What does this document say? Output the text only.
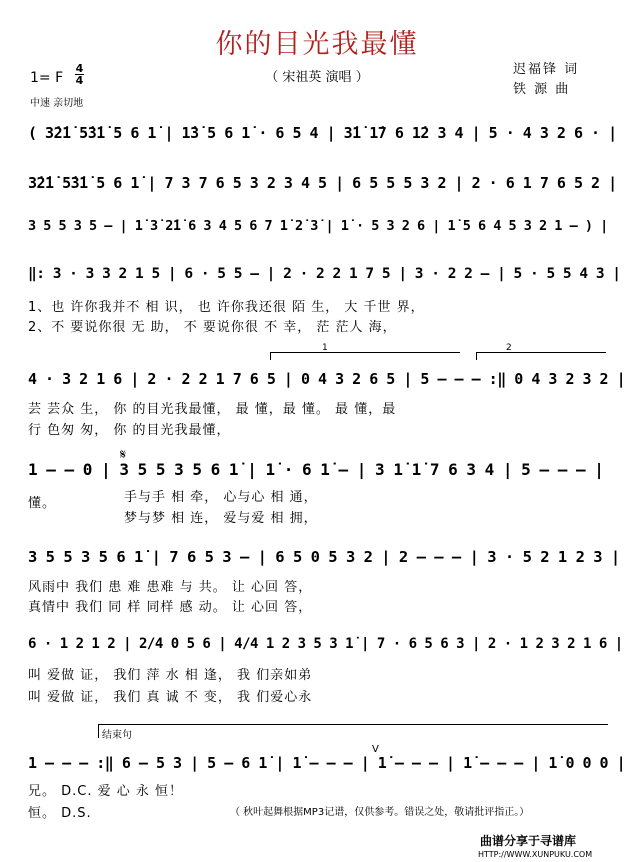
你的目光我最懂
（ 宋祖英 演唱 ）
迟福锋 词
铁 源 曲
1= F
4
4
中速 亲切地
( 3̇2̇1̇ 5̇3̇1̇ 5 6 1̇ | 1̇3̇ 5 6 1̇ · 6 5 4 | 3̇1̇ 1̇7 6 1̇2 3 4 | 5 · 4 3 2 6 · |
3̇2̇1̇ 5̇3̇1̇ 5 6 1̇ | 7 3 7 6 5 3 2 3 4 5 | 6 5 5 5 3 2 | 2 · 6 1 7 6 5 2 |
3 5 5 3 5 – | 1̇ 3̇ 2̇1̇ 6 3 4 5 6 7 1̇ 2̇ 3̇ | 1̇ · 5 3 2 6 | 1̇ 5 6 4 5 3 2 1 – ) |
‖: 3 · 3 3 2 1 5 | 6 · 5 5 – | 2 · 2 2 1 7 5 | 3 · 2 2 – | 5 · 5 5 4 3 |
1、也 许你我并不 相 识， 也 许你我还很 陌 生， 大 千世 界，
2、不 要说你很 无 助， 不 要说你很 不 幸， 茫 茫人 海，
1	2
4 · 3 2 1 6 | 2 · 2 2 1 7 6 5 | 0 4 3 2 6 5 | 5 – – – :‖ 0 4 3 2 3 2 |
芸 芸众 生， 你 的目光我最懂， 最 懂，最 懂。 最 懂，最
行 色匆 匆， 你 的目光我最懂，
𝄋
1 – – 0 | 3 5 5 3 5 6 1̇ | 1̇ · 6 1̇ – | 3 1̇ 1̇ 7 6 3 4 | 5 – – – |
懂。	手与手 相 牵， 心与心 相 通，
梦与梦 相 连， 爱与爱 相 拥，
3 5 5 3 5 6 1̇ | 7 6 5 3 – | 6 5 0 5 3 2 | 2 – – – | 3 · 5 2 1 2 3 |
风雨中 我们 患 难 患难 与 共。 让 心回 答，
真情中 我们 同 样 同样 感 动。 让 心回 答，
6 · 1 2 1 2 | 2/4 0 5 6 | 4/4 1 2 3 5 3 1̇ | 7 · 6 5 6 3 | 2 · 1 2 3 2 1 6 |
叫 爱做 证， 我们 萍 水 相 逢， 我 们亲如弟
叫 爱做 证， 我们 真 诚 不 变， 我 们爱心永
结束句
V
1 – – – :‖ 6 – 5 3 | 5 – 6 1̇ | 1̇ – – – | 1̇ – – – | 1̇ – – – | 1̇ 0 0 0 |
兄。 D.C. 爱 心 永 恒！
恒。 D.S.	（ 秋叶起舞根据MP3记谱，仅供参考。错误之处，敬请批评指正。）
曲谱分享于寻谱库
HTTP://WWW.XUNPUKU.COM
